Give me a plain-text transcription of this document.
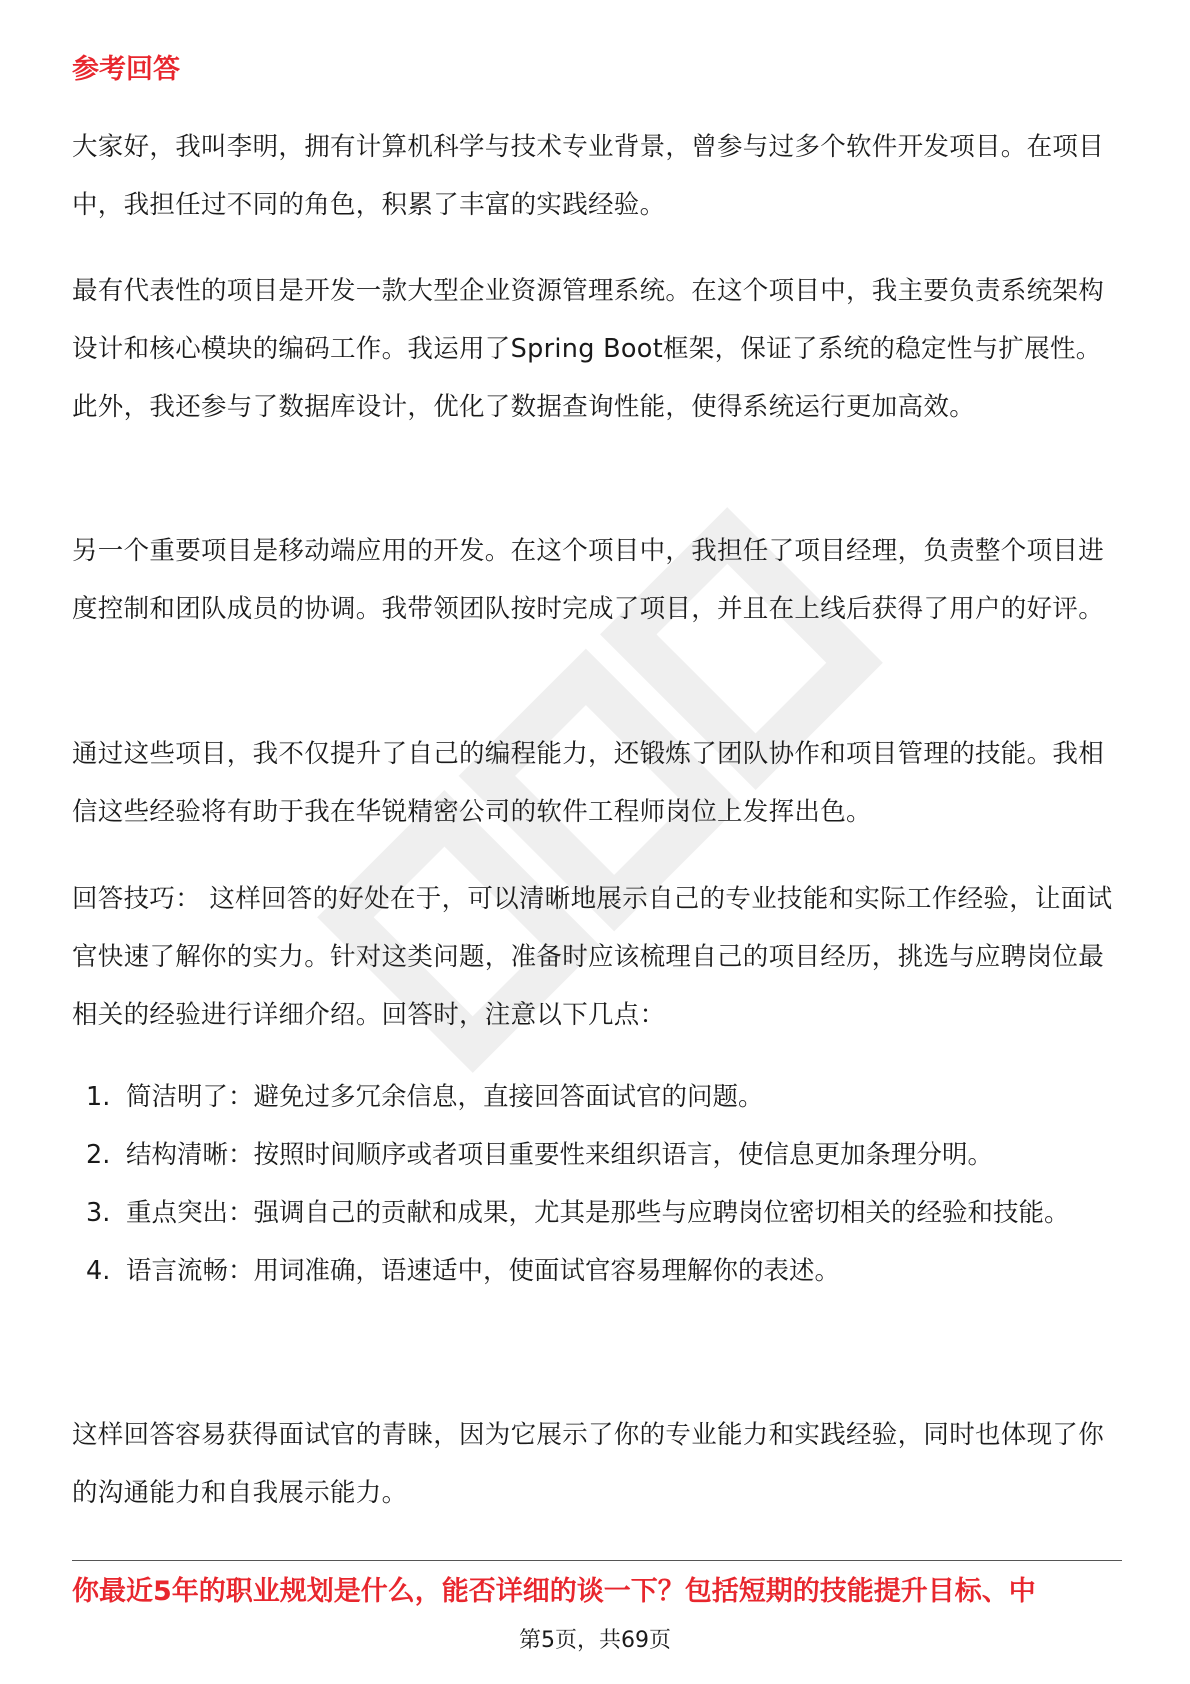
参考回答

大家好，我叫李明，拥有计算机科学与技术专业背景，曾参与过多个软件开发项目。在项目中，我担任过不同的角色，积累了丰富的实践经验。

最有代表性的项目是开发一款大型企业资源管理系统。在这个项目中，我主要负责系统架构设计和核心模块的编码工作。我运用了Spring Boot框架，保证了系统的稳定性与扩展性。此外，我还参与了数据库设计，优化了数据查询性能，使得系统运行更加高效。

另一个重要项目是移动端应用的开发。在这个项目中，我担任了项目经理，负责整个项目进度控制和团队成员的协调。我带领团队按时完成了项目，并且在上线后获得了用户的好评。

通过这些项目，我不仅提升了自己的编程能力，还锻炼了团队协作和项目管理的技能。我相信这些经验将有助于我在华锐精密公司的软件工程师岗位上发挥出色。

回答技巧： 这样回答的好处在于，可以清晰地展示自己的专业技能和实际工作经验，让面试官快速了解你的实力。针对这类问题，准备时应该梳理自己的项目经历，挑选与应聘岗位最相关的经验进行详细介绍。回答时，注意以下几点：

1. 简洁明了：避免过多冗余信息，直接回答面试官的问题。
2. 结构清晰：按照时间顺序或者项目重要性来组织语言，使信息更加条理分明。
3. 重点突出：强调自己的贡献和成果，尤其是那些与应聘岗位密切相关的经验和技能。
4. 语言流畅：用词准确，语速适中，使面试官容易理解你的表述。

这样回答容易获得面试官的青睐，因为它展示了你的专业能力和实践经验，同时也体现了你的沟通能力和自我展示能力。

你最近5年的职业规划是什么，能否详细的谈一下？包括短期的技能提升目标、中
第5页，共69页
